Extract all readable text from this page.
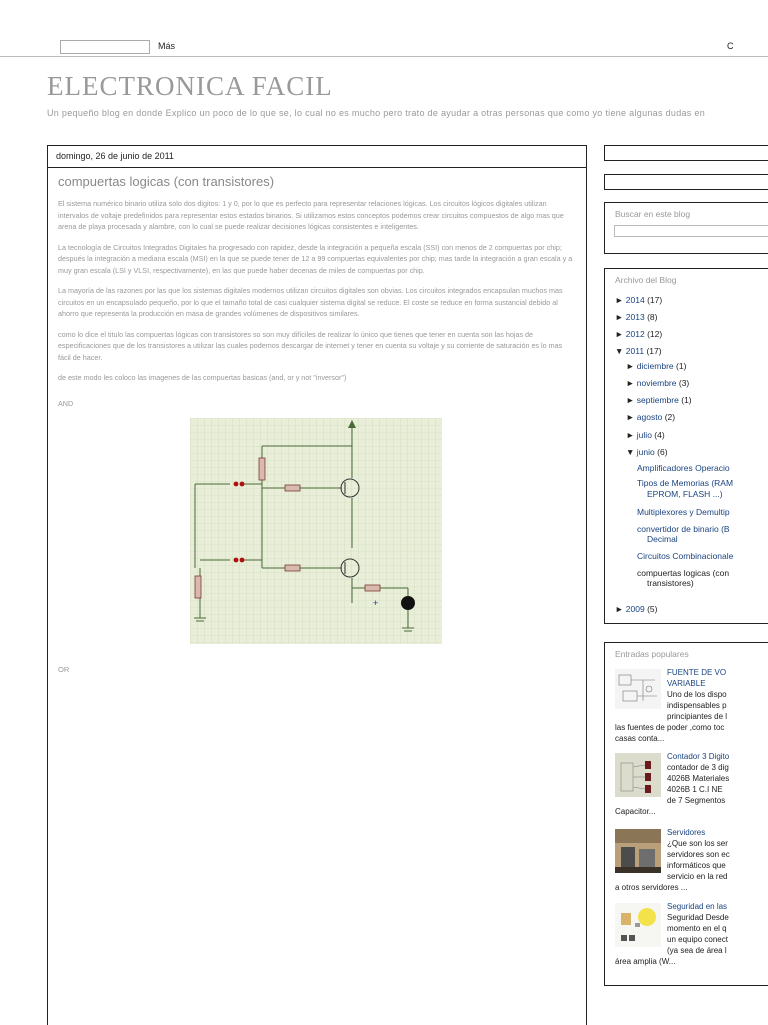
Más	C
ELECTRONICA FACIL
Un pequeño blog en donde Explico un poco de lo que se, lo cual no es mucho pero trato de ayudar a otras personas que como yo tiene algunas dudas en
domingo, 26 de junio de 2011
compuertas logicas (con transistores)

El sistema numérico binario utiliza solo dos digitos: 1 y 0, por lo que es perfecto para representar relaciones lógicas. Los circuitos lógicos digitales utilizan intervalos de voltaje predefinidos para representar estos estados binarios. Si utilizamos estos conceptos podemos crear circuitos compuestos de algo mas que arena de playa procesada y alambre, con lo cual se puede realizar decisiones lógicas consistentes e inteligentes.

La tecnología de Circuitos Integrados Digitales ha progresado con rapidez, desde la integración a pequeña escala (SSI) con menos de 2 compuertas por chip; después la integración a mediana escala (MSI) en la que se puede tener de 12 a 99 compuertas equivalentes por chip; mas tarde la integración a gran escala y a muy gran escala (LSI y VLSI, respectivamente), en las que puede haber decenas de miles de compuertas por chip.

La mayoría de las razones por las que los sistemas digitales modernos utilizan circuitos digitales son obvias. Los circuitos integrados encapsulan muchos mas circuitos en un encapsulado pequeño, por lo que el tamaño total de casi cualquier sistema digital se reduce. El coste se reduce en forma sustancial debido al ahorro que representa la producción en masa de grandes volúmenes de dispositivos similares.

como lo dice el titulo las compuertas lógicas con transistores so son muy difíciles de realizar lo único que tienes que tener en cuenta son las hojas de especificaciones que de los transistores a utilizar las cuales podemos descargar de internet y tener en cuenta su voltaje y su corriente de saturación es lo mas fácil de hacer.

de este modo les coloco las imagenes de las compuertas basicas (and, or y not "inversor")

AND

+

OR

Buscar en este blog
Archivo del Blog
► 2014 (17)
► 2013 (8)
► 2012 (12)
▼ 2011 (17)
► diciembre (1)
► noviembre (3)
► septiembre (1)
► agosto (2)
► julio (4)
▼ junio (6)
Amplificadores Operacio
Tipos de Memorias (RAM
EPROM, FLASH ...)
Multiplexores y Demultip
convertidor de binario (B
Decimal
Circuitos Combinacionale
compuertas logicas (con
transistores)
► 2009 (5)
Entradas populares
FUENTE DE VO
VARIABLE
Uno de los dispo
indispensables p
principiantes de l
las fuentes de poder ,como toc
casas conta...
Contador 3 Digito
contador de 3 dig
4026B Materiales
4026B 1 C.I NE
de 7 Segmentos
Capacitor...
Servidores
¿Que son los ser
servidores son ec
informáticos que
servicio en la red
a otros servidores ...
Seguridad en las
Seguridad Desde
momento en el q
un equipo conect
(ya sea de área l
área amplia (W...
